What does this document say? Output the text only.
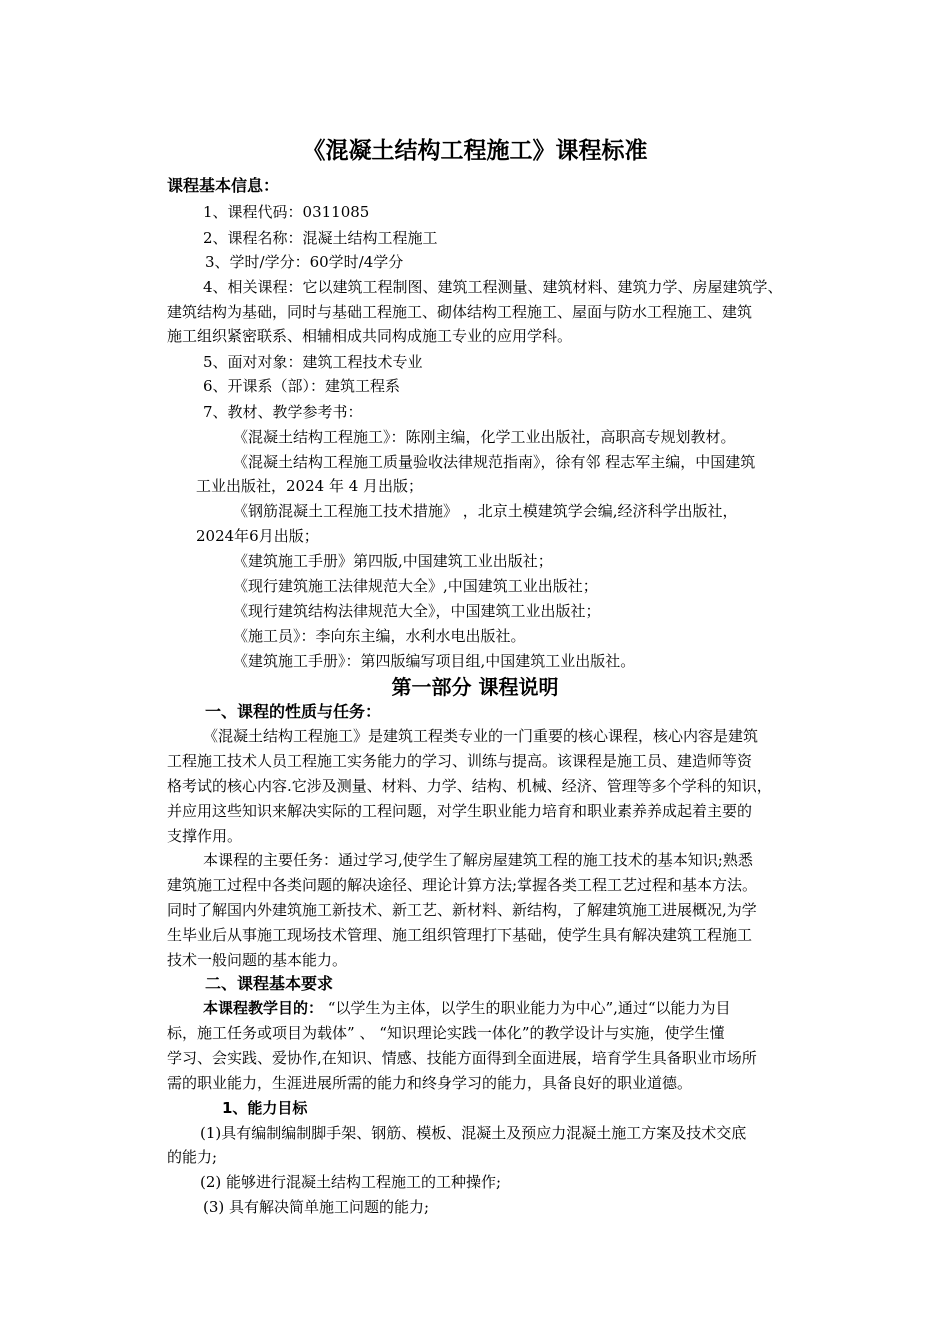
《混凝土结构工程施工》课程标准
课程基本信息：
1、课程代码：0311085
2、课程名称：混凝土结构工程施工
3、学时/学分：60学时/4学分
4、相关课程：它以建筑工程制图、建筑工程测量、建筑材料、建筑力学、房屋建筑学、
建筑结构为基础，同时与基础工程施工、砌体结构工程施工、屋面与防水工程施工、建筑
施工组织紧密联系、相辅相成共同构成施工专业的应用学科。
5、面对对象：建筑工程技术专业
6、开课系（部）：建筑工程系
7、教材、教学参考书：
《混凝土结构工程施工》：陈刚主编，化学工业出版社，高职高专规划教材。
《混凝土结构工程施工质量验收法律规范指南》，徐有邻 程志军主编，中国建筑
工业出版社，2024 年 4 月出版；
《钢筋混凝土工程施工技术措施》 ，北京土模建筑学会编,经济科学出版社，
2024年6月出版；
《建筑施工手册》第四版,中国建筑工业出版社；
《现行建筑施工法律规范大全》,中国建筑工业出版社；
《现行建筑结构法律规范大全》，中国建筑工业出版社；
《施工员》：李向东主编，水利水电出版社。
《建筑施工手册》：第四版编写项目组,中国建筑工业出版社。
第一部分 课程说明
一、课程的性质与任务：
《混凝土结构工程施工》是建筑工程类专业的一门重要的核心课程，核心内容是建筑
工程施工技术人员工程施工实务能力的学习、训练与提高。该课程是施工员、建造师等资
格考试的核心内容.它涉及测量、材料、力学、结构、机械、经济、管理等多个学科的知识，
并应用这些知识来解决实际的工程问题，对学生职业能力培育和职业素养养成起着主要的
支撑作用。
本课程的主要任务：通过学习,使学生了解房屋建筑工程的施工技术的基本知识;熟悉
建筑施工过程中各类问题的解决途径、理论计算方法;掌握各类工程工艺过程和基本方法。
同时了解国内外建筑施工新技术、新工艺、新材料、新结构，了解建筑施工进展概况,为学
生毕业后从事施工现场技术管理、施工组织管理打下基础，使学生具有解决建筑工程施工
技术一般问题的基本能力。
二、课程基本要求
本课程教学目的： “以学生为主体，以学生的职业能力为中心”,通过“以能力为目
标，施工任务或项目为载体” 、 “知识理论实践一体化”的教学设计与实施，使学生懂
学习、会实践、爱协作,在知识、情感、技能方面得到全面进展，培育学生具备职业市场所
需的职业能力，生涯进展所需的能力和终身学习的能力，具备良好的职业道德。
1、能力目标
(1)具有编制编制脚手架、钢筋、模板、混凝土及预应力混凝土施工方案及技术交底
的能力;
(2) 能够进行混凝土结构工程施工的工种操作;
(3) 具有解决简单施工问题的能力;
